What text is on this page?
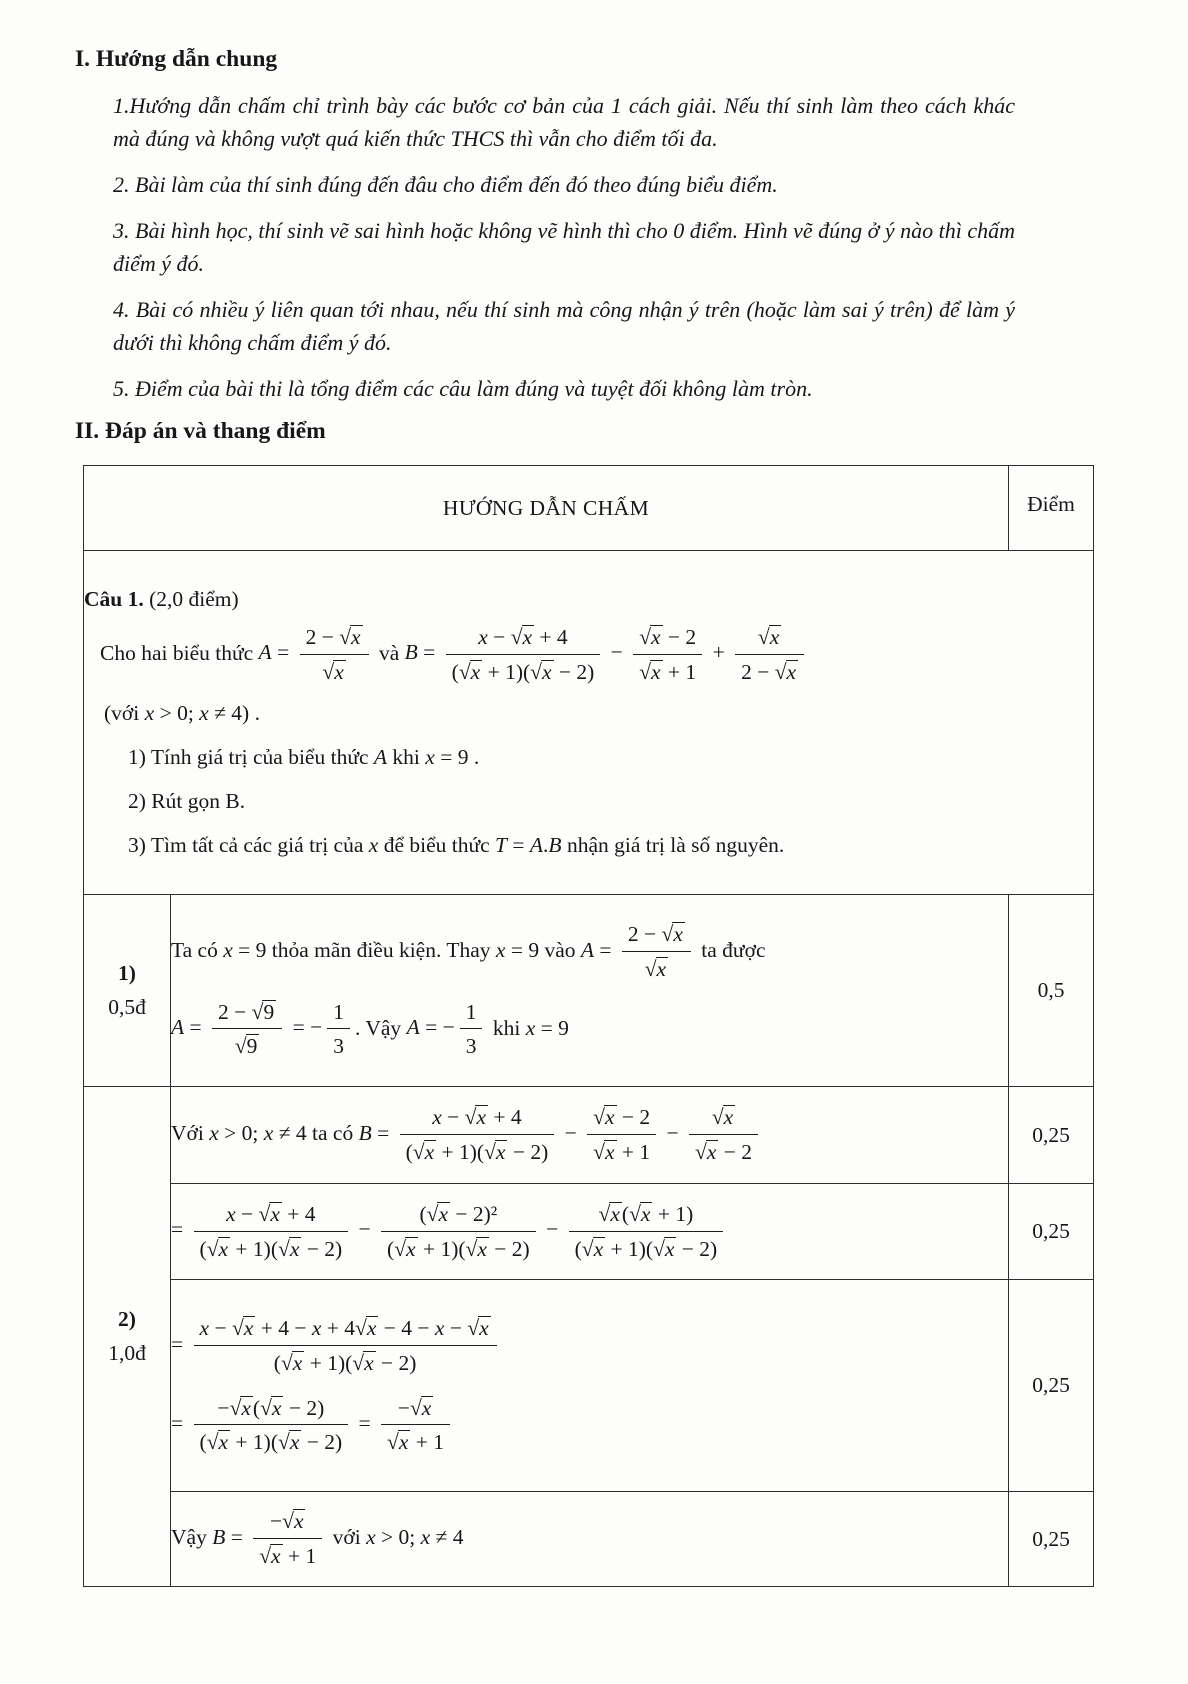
I. Hướng dẫn chung
1.Hướng dẫn chấm chỉ trình bày các bước cơ bản của 1 cách giải. Nếu thí sinh làm theo cách khác mà đúng và không vượt quá kiến thức THCS thì vẫn cho điểm tối đa.
2. Bài làm của thí sinh đúng đến đâu cho điểm đến đó theo đúng biểu điểm.
3. Bài hình học, thí sinh vẽ sai hình hoặc không vẽ hình thì cho 0 điểm. Hình vẽ đúng ở ý nào thì chấm điểm ý đó.
4. Bài có nhiều ý liên quan tới nhau, nếu thí sinh mà công nhận ý trên (hoặc làm sai ý trên) để làm ý dưới thì không chấm điểm ý đó.
5. Điểm của bài thi là tổng điểm các câu làm đúng và tuyệt đối không làm tròn.
II. Đáp án và thang điểm
HƯỚNG DẪN CHẤM		Điểm

Câu 1. (2,0 điểm)
Cho hai biểu thức $A = \frac{2 - √x}{√x}$ và $B = \frac{x - √x + 4}{(√x + 1)(√x - 2)} - \frac{√x - 2}{√x + 1} + \frac{√x}{2 - √x}$
(với x > 0; x ≠ 4) .
1) Tính giá trị của biểu thức A khi x = 9 .
2) Rút gọn B.
3) Tìm tất cả các giá trị của x để biểu thức T = A.B nhận giá trị là số nguyên.

1)
0,5đ

Ta có x = 9 thỏa mãn điều kiện. Thay x = 9 vào $A = \frac{2 - √x}{√x}$ ta được
$A = \frac{2 - √9}{√9}$ = − $\frac{1}{3}$ . Vậy A = − $\frac{1}{3}$ khi x = 9
	0,5

2)
1,0đ

Với x > 0; x ≠ 4 ta có $B = \frac{x - √x + 4}{(√x + 1)(√x - 2)} - \frac{√x - 2}{√x + 1} - \frac{√x}{√x - 2}$	0,25

= $\frac{x - √x + 4}{(√x + 1)(√x - 2)} - \frac{\text{(√x − 2)²}}{(√x + 1)(√x - 2)} - \frac{√x(√x + 1)}{(√x + 1)(√x - 2)}$	0,25

= $\frac{x - √x + 4 - x + 4√x - 4 - x - √x}{(√x + 1)(√x - 2)}$
= $\frac{-√x(√x - 2)}{(√x + 1)(√x - 2)} = \frac{-√x}{√x + 1}$
	0,25

	Vậy $B = \frac{-√x}{√x + 1}$ với x > 0; x ≠ 4	0,25
